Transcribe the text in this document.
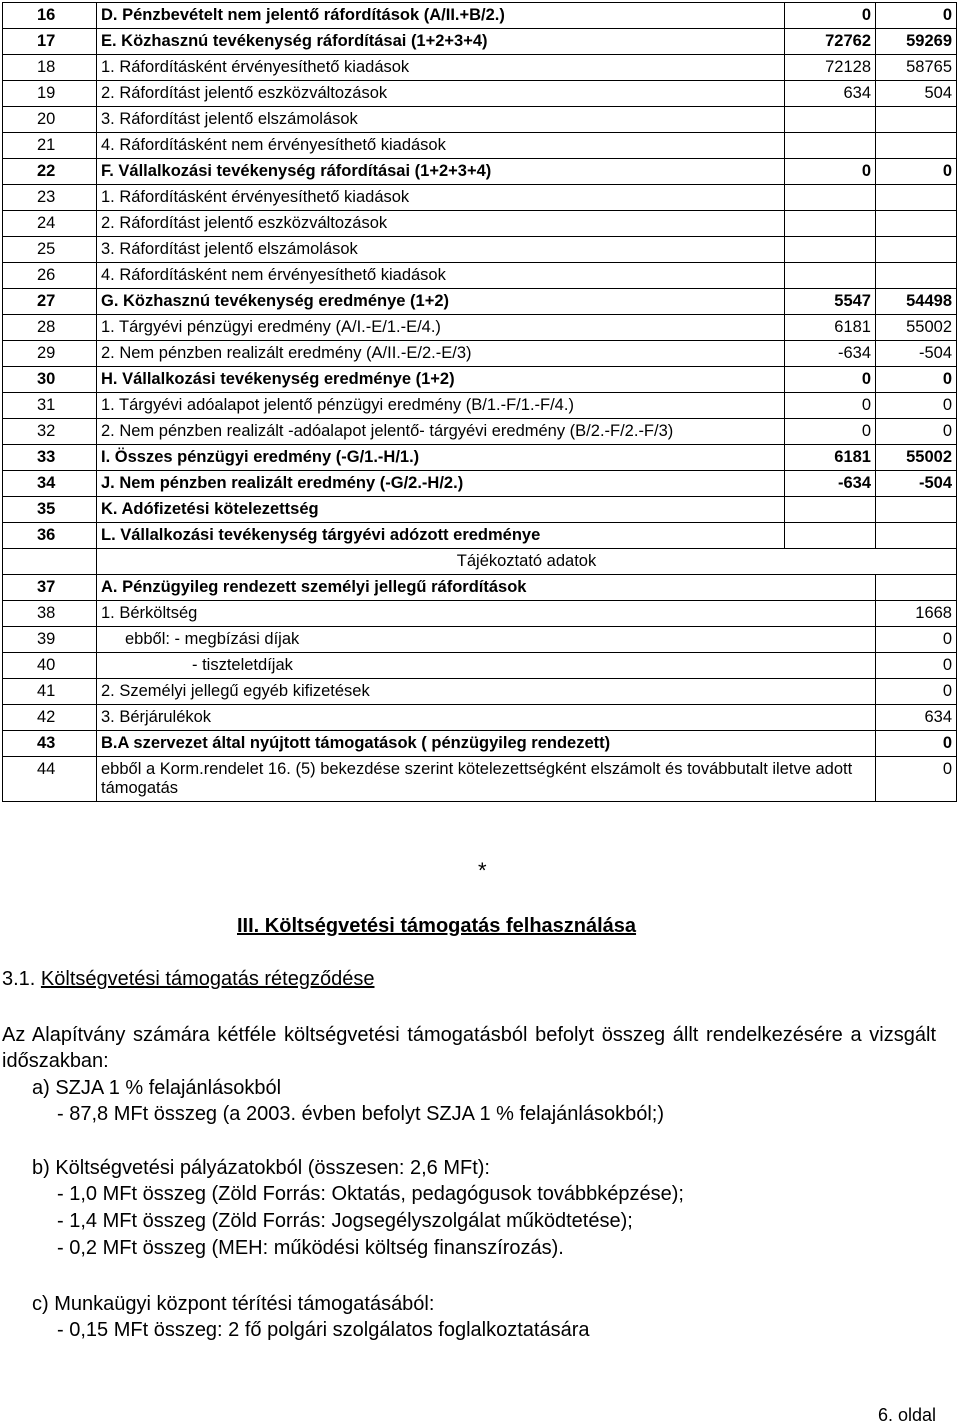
16	D. Pénzbevételt nem jelentő ráfordítások (A/II.+B/2.)	0	0
17	E. Közhasznú tevékenység ráfordításai (1+2+3+4)	72762	59269
18	1. Ráfordításként érvényesíthető kiadások	72128	58765
19	2. Ráfordítást jelentő eszközváltozások	634	504
20	3. Ráfordítást jelentő elszámolások		
21	4. Ráfordításként nem érvényesíthető kiadások		
22	F. Vállalkozási tevékenység ráfordításai (1+2+3+4)	0	0
23	1. Ráfordításként érvényesíthető kiadások		
24	2. Ráfordítást jelentő eszközváltozások		
25	3. Ráfordítást jelentő elszámolások		
26	4. Ráfordításként nem érvényesíthető kiadások		
27	G. Közhasznú tevékenység eredménye (1+2)	5547	54498
28	1. Tárgyévi pénzügyi eredmény (A/I.-E/1.-E/4.)	6181	55002
29	2. Nem pénzben realizált eredmény (A/II.-E/2.-E/3)	-634	-504
30	H. Vállalkozási tevékenység eredménye (1+2)	0	0
31	1. Tárgyévi adóalapot jelentő pénzügyi eredmény (B/1.-F/1.-F/4.)	0	0
32	2. Nem pénzben realizált -adóalapot jelentő- tárgyévi eredmény (B/2.-F/2.-F/3)	0	0
33	I. Összes pénzügyi eredmény (-G/1.-H/1.)	6181	55002
34	J. Nem pénzben realizált eredmény (-G/2.-H/2.)	-634	-504
35	K. Adófizetési kötelezettség		
36	L. Vállalkozási tevékenység tárgyévi adózott eredménye		
	Tájékoztató adatok		
37	A. Pénzügyileg rendezett személyi jellegű ráfordítások		
38	1. Bérköltség		1668
39	ebből: - megbízási díjak		0
40	- tiszteletdíjak		0
41	2. Személyi jellegű egyéb kifizetések		0
42	3. Bérjárulékok		634
43	B.A szervezet által nyújtott támogatások ( pénzügyileg rendezett)		0
44	ebből a Korm.rendelet 16. (5) bekezdése szerint kötelezettségként elszámolt és továbbutalt iletve adott támogatás		0
*
III. Költségvetési támogatás felhasználása
3.1. Költségvetési támogatás rétegződése
Az Alapítvány számára kétféle költségvetési támogatásból befolyt összeg állt rendelkezésére a vizsgált időszakban:
a) SZJA 1 % felajánlásokból
- 87,8 MFt összeg (a 2003. évben befolyt SZJA 1 % felajánlásokból;)
b) Költségvetési pályázatokból (összesen: 2,6 MFt):
- 1,0 MFt összeg (Zöld Forrás: Oktatás, pedagógusok továbbképzése);
- 1,4 MFt összeg (Zöld Forrás: Jogsegélyszolgálat működtetése);
- 0,2 MFt összeg (MEH: működési költség finanszírozás).
c) Munkaügyi központ térítési támogatásából:
- 0,15 MFt összeg: 2 fő polgári szolgálatos foglalkoztatására
6. oldal
